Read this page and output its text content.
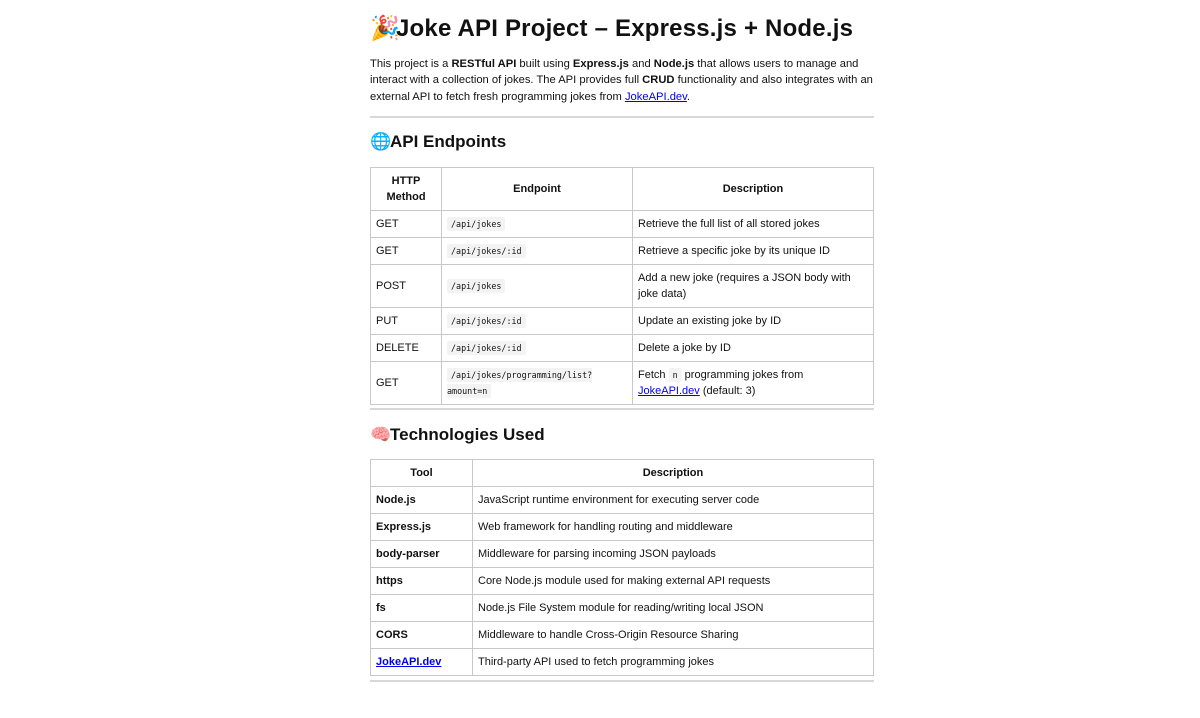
🎉Joke API Project – Express.js + Node.js

This project is a RESTful API built using Express.js and Node.js that allows users to manage and interact with a collection of jokes. The API provides full CRUD functionality and also integrates with an external API to fetch fresh programming jokes from JokeAPI.dev.

🌐API Endpoints
HTTP Method	Endpoint	Description
GET	/api/jokes	Retrieve the full list of all stored jokes
GET	/api/jokes/:id	Retrieve a specific joke by its unique ID
POST	/api/jokes	Add a new joke (requires a JSON body with joke data)
PUT	/api/jokes/:id	Update an existing joke by ID
DELETE	/api/jokes/:id	Delete a joke by ID
GET	/api/jokes/programming/list?amount=n	Fetch n programming jokes from JokeAPI.dev (default: 3)
🧠Technologies Used
Tool	Description
Node.js	JavaScript runtime environment for executing server code
Express.js	Web framework for handling routing and middleware
body-parser	Middleware for parsing incoming JSON payloads
https	Core Node.js module used for making external API requests
fs	Node.js File System module for reading/writing local JSON
CORS	Middleware to handle Cross-Origin Resource Sharing
JokeAPI.dev	Third-party API used to fetch programming jokes
